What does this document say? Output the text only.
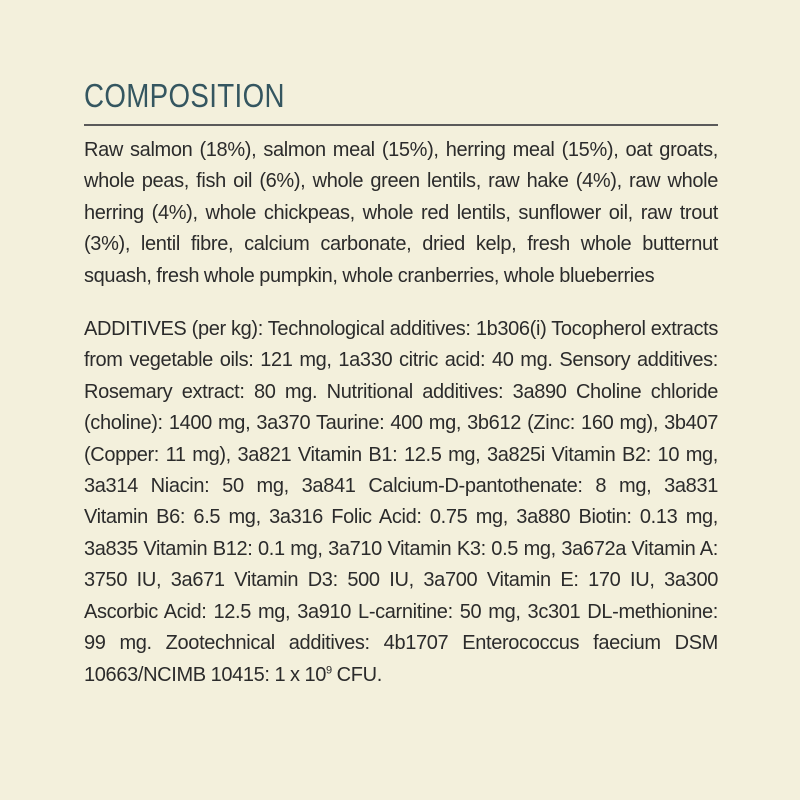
COMPOSITION

Raw salmon (18%), salmon meal (15%), herring meal (15%), oat groats, whole peas, fish oil (6%), whole green lentils, raw hake (4%), raw whole herring (4%), whole chickpeas, whole red lentils, sunflower oil, raw trout (3%), lentil fibre, calcium carbonate, dried kelp, fresh whole butternut squash, fresh whole pumpkin, whole cranberries, whole blueberries

ADDITIVES (per kg): Technological additives: 1b306(i) Tocopherol extracts from vegetable oils: 121 mg, 1a330 citric acid: 40 mg. Sensory additives: Rosemary extract: 80 mg. Nutritional additives: 3a890 Choline chloride (choline): 1400 mg, 3a370 Taurine: 400 mg, 3b612 (Zinc: 160 mg), 3b407 (Copper: 11 mg), 3a821 Vitamin B1: 12.5 mg, 3a825i Vitamin B2: 10 mg, 3a314 Niacin: 50 mg, 3a841 Calcium-D-pantothenate: 8 mg, 3a831 Vitamin B6: 6.5 mg, 3a316 Folic Acid: 0.75 mg, 3a880 Biotin: 0.13 mg, 3a835 Vitamin B12: 0.1 mg, 3a710 Vitamin K3: 0.5 mg, 3a672a Vitamin A: 3750 IU, 3a671 Vitamin D3: 500 IU, 3a700 Vitamin E: 170 IU, 3a300 Ascorbic Acid: 12.5 mg, 3a910 L-carnitine: 50 mg, 3c301 DL-methionine: 99 mg. Zootechnical additives: 4b1707 Enterococcus faecium DSM 10663/NCIMB 10415: 1 x $10^9$ CFU.
